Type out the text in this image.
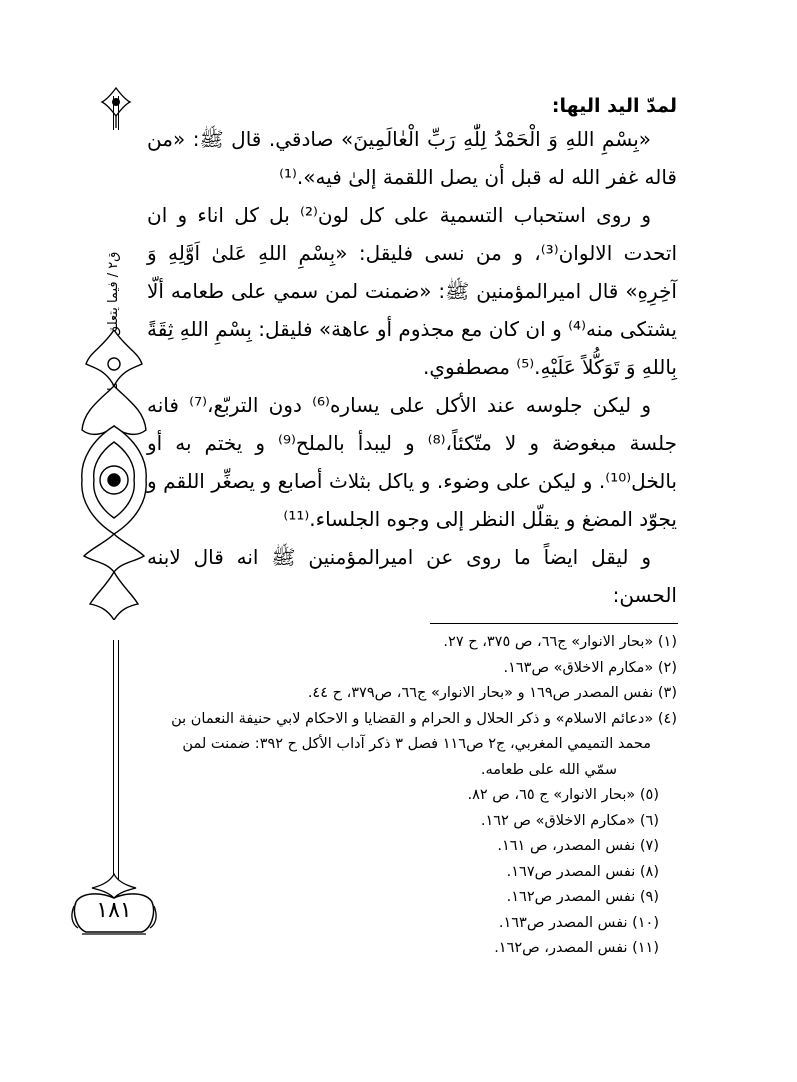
ق٢ / فيما يتعلق
١٨١

لمدّ اليد اليها:

«بِسْمِ اللهِ وَ الْحَمْدُ لِلّٰهِ رَبِّ الْعٰالَمِينَ» صادقي. قال ﷺ: «من قاله غفر الله له قبل أن يصل اللقمة إلىٰ فيه».⁽¹⁾

و روى استحباب التسمية على كل لون⁽²⁾ بل كل اناء و ان اتحدت الالوان⁽³⁾، و من نسى فليقل: «بِسْمِ اللهِ عَلىٰ اَوَّلِهِ وَ آخِرِهِ» قال اميرالمؤمنين ﷺ: «ضمنت لمن سمي على طعامه ألّا يشتكى منه⁽⁴⁾ و ان كان مع مجذوم أو عاهة» فليقل: بِسْمِ اللهِ ثِقَةً بِاللهِ وَ تَوَكُّلاً عَلَيْهِ.⁽⁵⁾ مصطفوي.

و ليكن جلوسه عند الأكل على يساره⁽⁶⁾ دون التربّع،⁽⁷⁾ فانه جلسة مبغوضة و لا متّكئاً،⁽⁸⁾ و ليبدأ بالملح⁽⁹⁾ و يختم به أو بالخل⁽¹⁰⁾. و ليكن على وضوء. و ياكل بثلاث أصابع و يصغِّر اللقم و يجوّد المضغ و يقلّل النظر إلى وجوه الجلساء.⁽¹¹⁾

و ليقل ايضاً ما روى عن اميرالمؤمنين ﷺ انه قال لابنه الحسن:

(١) «بحار الانوار» ج٦٦، ص ٣٧٥، ح ٢٧.

(٢) «مكارم الاخلاق» ص١٦٣.

(٣) نفس المصدر ص١٦٩ و «بحار الانوار» ج٦٦، ص٣٧٩، ح ٤٤.

(٤) «دعائم الاسلام» و ذكر الحلال و الحرام و القضايا و الاحكام لابي حنيفة النعمان بن
محمد التميمي المغربي، ج٢ ص١١٦ فصل ٣ ذكر آداب الأكل ح ٣٩٢: ضمنت لمن
سمّي الله على طعامه.

(٥) «بحار الانوار» ج ٦٥، ص ٨٢.

(٦) «مكارم الاخلاق» ص ١٦٢.

(٧) نفس المصدر، ص ١٦١.

(٨) نفس المصدر ص١٦٧.

(٩) نفس المصدر ص١٦٢.

(١٠) نفس المصدر ص١٦٣.

(١١) نفس المصدر، ص١٦٢.
